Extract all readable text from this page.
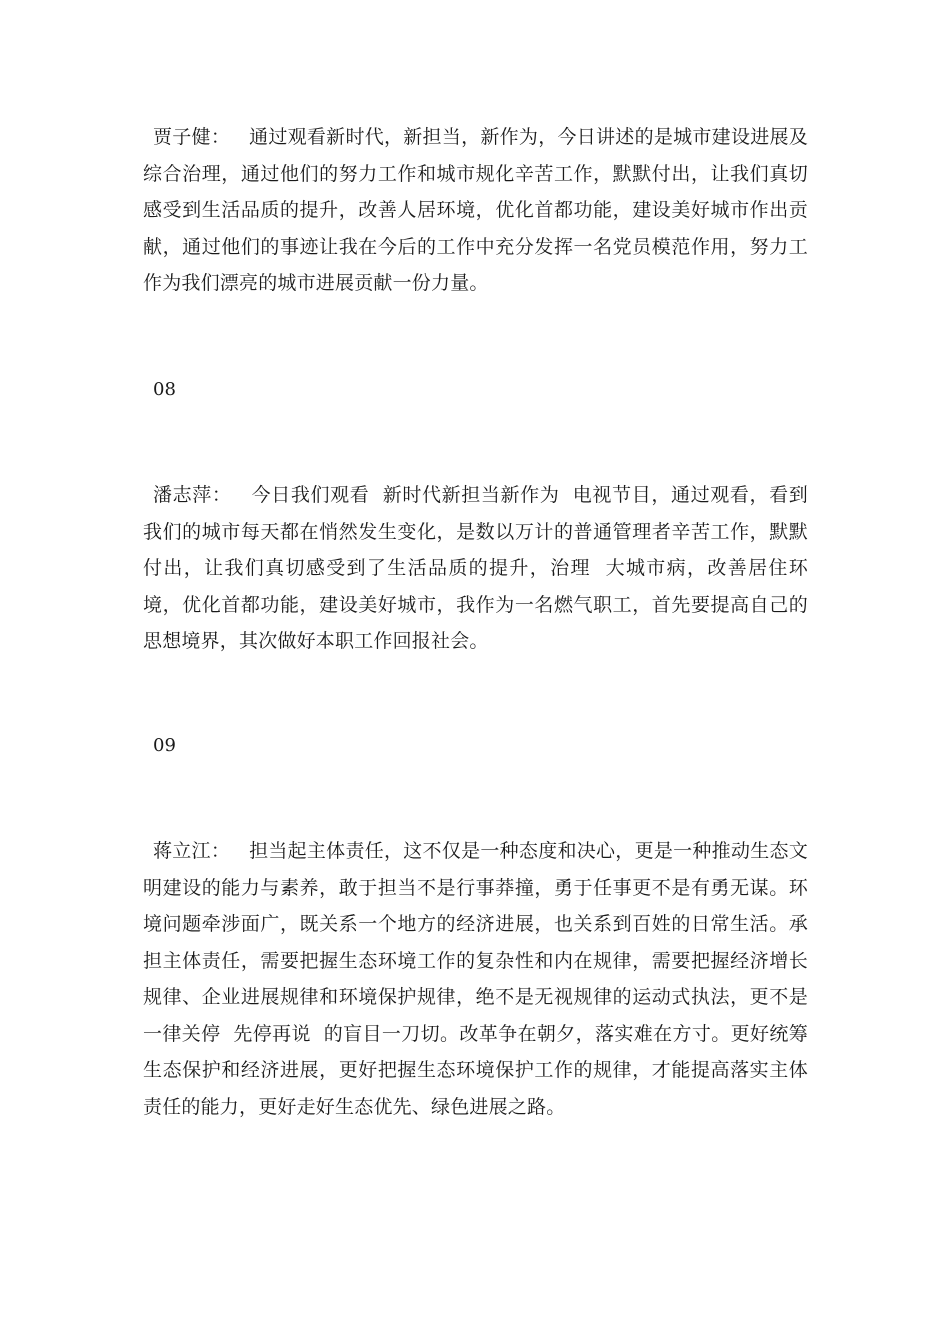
贾子健： 通过观看新时代，新担当，新作为，今日讲述的是城市建设进展及综合治理，通过他们的努力工作和城市规化辛苦工作，默默付出，让我们真切感受到生活品质的提升，改善人居环境，优化首都功能，建设美好城市作出贡献，通过他们的事迹让我在今后的工作中充分发挥一名党员模范作用，努力工作为我们漂亮的城市进展贡献一份力量。

08

潘志萍： 今日我们观看  新时代新担当新作为  电视节目，通过观看，看到我们的城市每天都在悄然发生变化，是数以万计的普通管理者辛苦工作，默默付出，让我们真切感受到了生活品质的提升，治理  大城市病，改善居住环境，优化首都功能，建设美好城市，我作为一名燃气职工，首先要提高自己的思想境界，其次做好本职工作回报社会。

09

蒋立江： 担当起主体责任，这不仅是一种态度和决心，更是一种推动生态文明建设的能力与素养，敢于担当不是行事莽撞，勇于任事更不是有勇无谋。环境问题牵涉面广，既关系一个地方的经济进展，也关系到百姓的日常生活。承担主体责任，需要把握生态环境工作的复杂性和内在规律，需要把握经济增长规律、企业进展规律和环境保护规律，绝不是无视规律的运动式执法，更不是一律关停  先停再说  的盲目一刀切。改革争在朝夕，落实难在方寸。更好统筹生态保护和经济进展，更好把握生态环境保护工作的规律，才能提高落实主体责任的能力，更好走好生态优先、绿色进展之路。
